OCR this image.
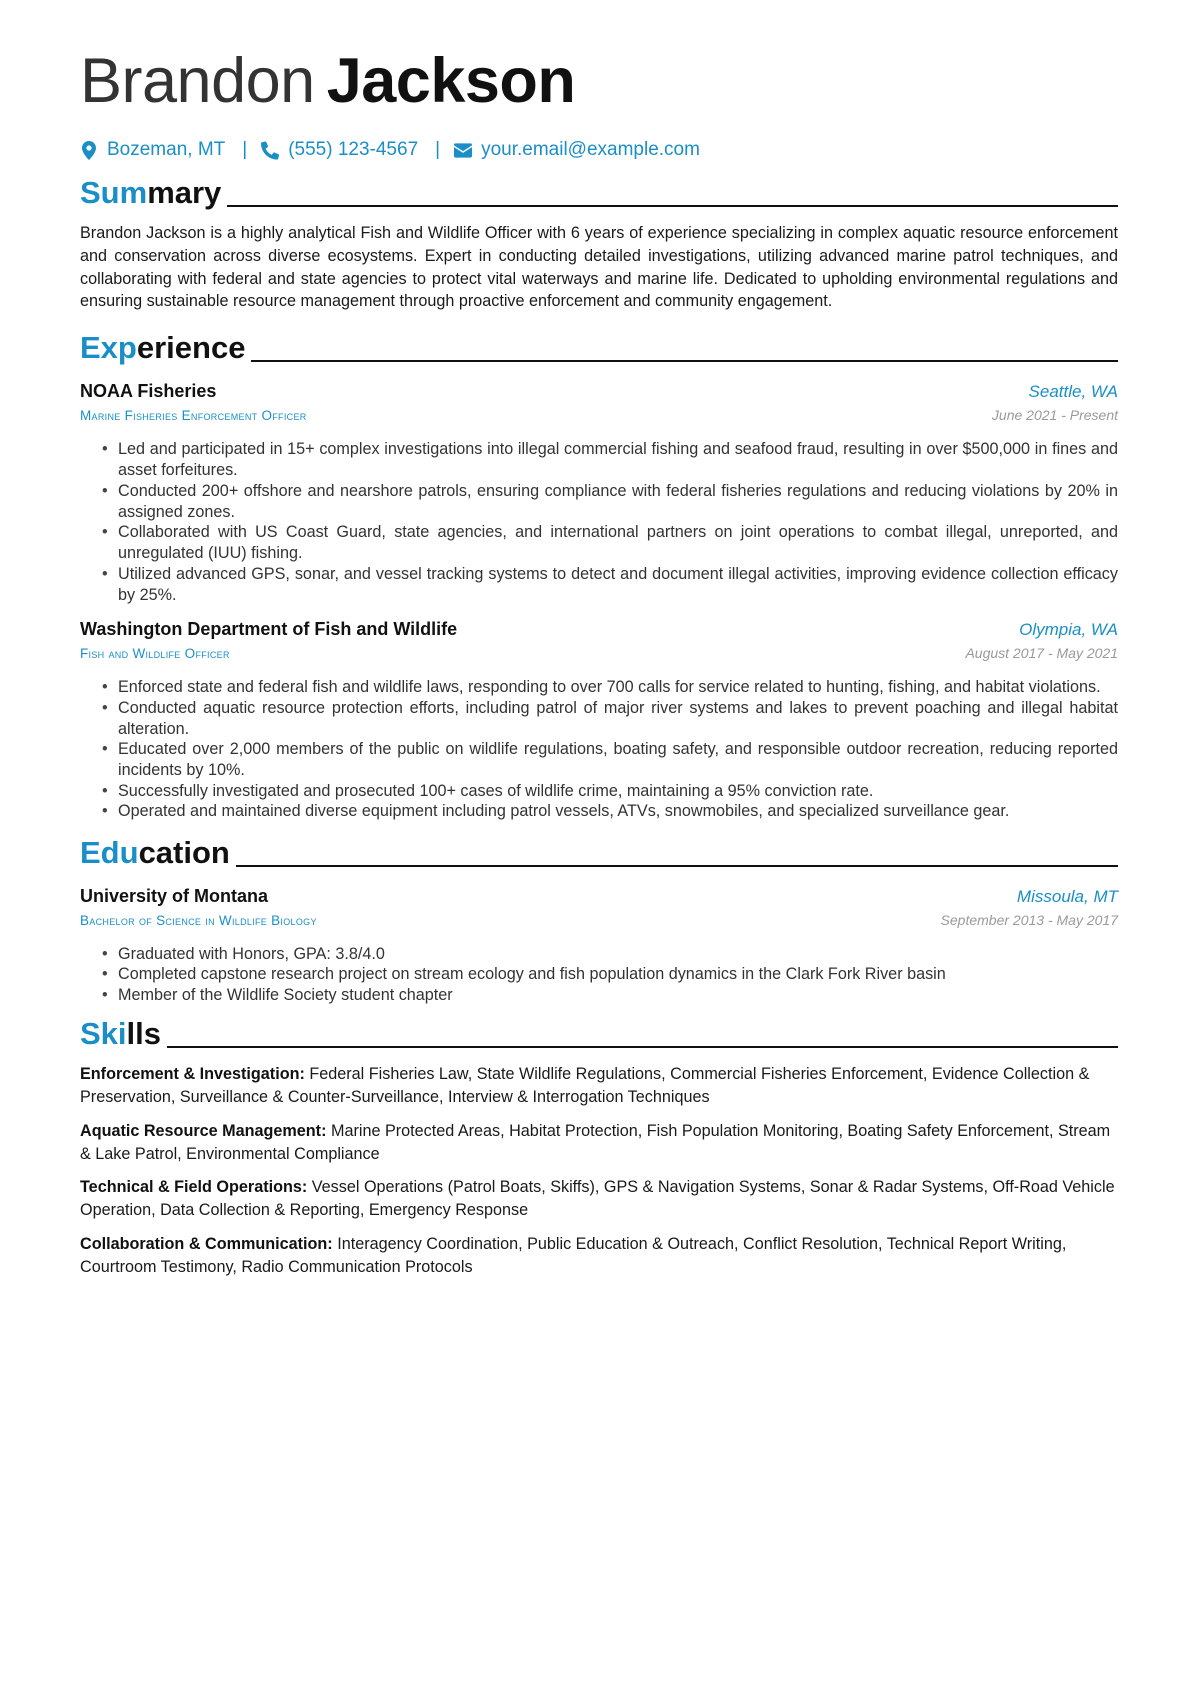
Brandon Jackson
Bozeman, MT | (555) 123-4567 | your.email@example.com
Summary

Brandon Jackson is a highly analytical Fish and Wildlife Officer with 6 years of experience specializing in complex aquatic resource enforcement and conservation across diverse ecosystems. Expert in conducting detailed investigations, utilizing advanced marine patrol techniques, and collaborating with federal and state agencies to protect vital waterways and marine life. Dedicated to upholding environmental regulations and ensuring sustainable resource management through proactive enforcement and community engagement.

Experience
NOAA Fisheries	Seattle, WA
Marine Fisheries Enforcement Officer	June 2021 - Present
• Led and participated in 15+ complex investigations into illegal commercial fishing and seafood fraud, resulting in over $500,000 in fines and asset forfeitures.
• Conducted 200+ offshore and nearshore patrols, ensuring compliance with federal fisheries regulations and reducing violations by 20% in assigned zones.
• Collaborated with US Coast Guard, state agencies, and international partners on joint operations to combat illegal, unreported, and unregulated (IUU) fishing.
• Utilized advanced GPS, sonar, and vessel tracking systems to detect and document illegal activities, improving evidence collection efficacy by 25%.
Washington Department of Fish and Wildlife	Olympia, WA
Fish and Wildlife Officer	August 2017 - May 2021
• Enforced state and federal fish and wildlife laws, responding to over 700 calls for service related to hunting, fishing, and habitat violations.
• Conducted aquatic resource protection efforts, including patrol of major river systems and lakes to prevent poaching and illegal habitat alteration.
• Educated over 2,000 members of the public on wildlife regulations, boating safety, and responsible outdoor recreation, reducing reported incidents by 10%.
• Successfully investigated and prosecuted 100+ cases of wildlife crime, maintaining a 95% conviction rate.
• Operated and maintained diverse equipment including patrol vessels, ATVs, snowmobiles, and specialized surveillance gear.
Education
University of Montana	Missoula, MT
Bachelor of Science in Wildlife Biology	September 2013 - May 2017
• Graduated with Honors, GPA: 3.8/4.0
• Completed capstone research project on stream ecology and fish population dynamics in the Clark Fork River basin
• Member of the Wildlife Society student chapter
Skills

Enforcement & Investigation: Federal Fisheries Law, State Wildlife Regulations, Commercial Fisheries Enforcement, Evidence Collection & Preservation, Surveillance & Counter-Surveillance, Interview & Interrogation Techniques

Aquatic Resource Management: Marine Protected Areas, Habitat Protection, Fish Population Monitoring, Boating Safety Enforcement, Stream & Lake Patrol, Environmental Compliance

Technical & Field Operations: Vessel Operations (Patrol Boats, Skiffs), GPS & Navigation Systems, Sonar & Radar Systems, Off-Road Vehicle Operation, Data Collection & Reporting, Emergency Response

Collaboration & Communication: Interagency Coordination, Public Education & Outreach, Conflict Resolution, Technical Report Writing, Courtroom Testimony, Radio Communication Protocols
